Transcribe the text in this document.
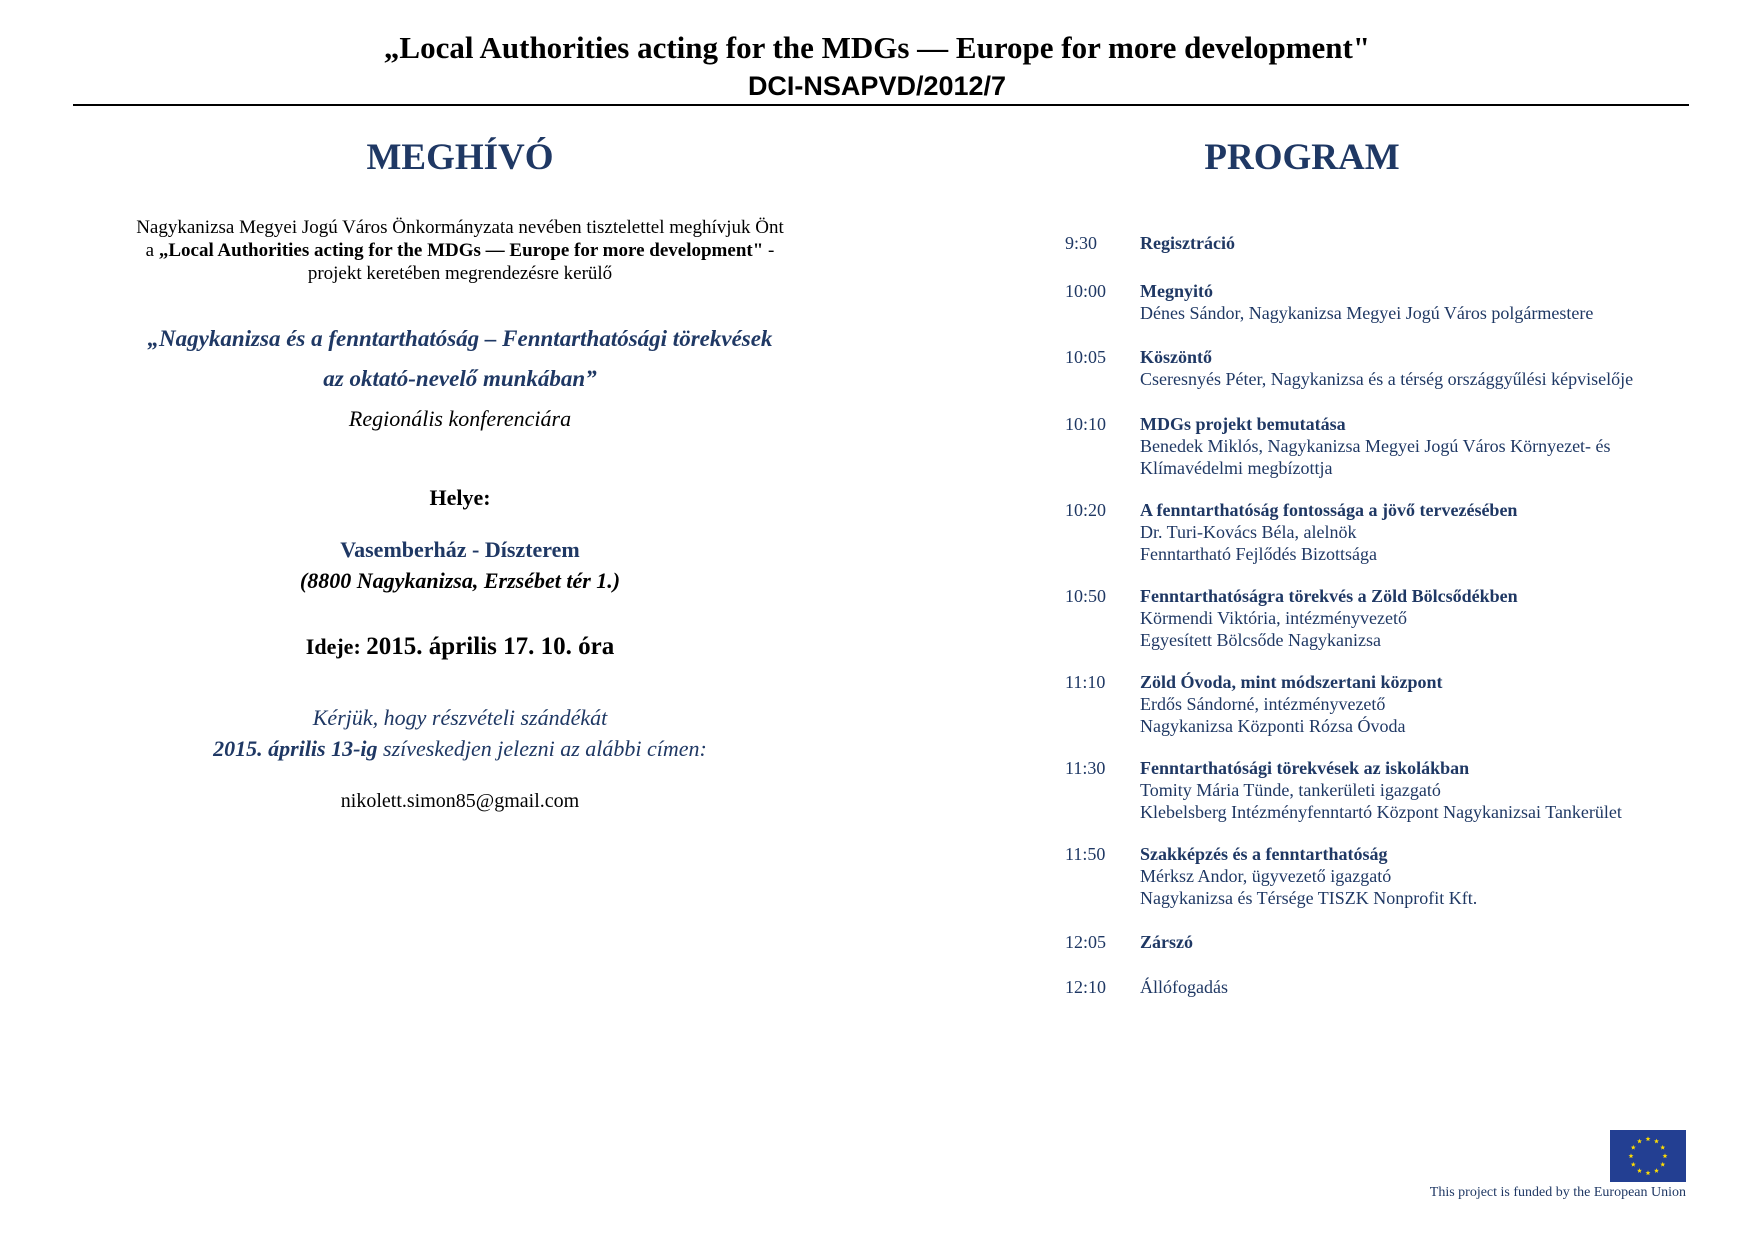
„Local Authorities acting for the MDGs — Europe for more development"
DCI-NSAPVD/2012/7
MEGHÍVÓ	PROGRAM
Nagykanizsa Megyei Jogú Város Önkormányzata nevében tisztelettel meghívjuk Önt
a „Local Authorities acting for the MDGs — Europe for more development" -
projekt keretében megrendezésre kerülő
„Nagykanizsa és a fenntarthatóság – Fenntarthatósági törekvések
az oktató-nevelő munkában”
Regionális konferenciára
Helye:
Vasemberház - Díszterem
(8800 Nagykanizsa, Erzsébet tér 1.)
Ideje: 2015. április 17. 10. óra
Kérjük, hogy részvételi szándékát
2015. április 13-ig szíveskedjen jelezni az alábbi címen:
nikolett.simon85@gmail.com
9:30	Regisztráció
10:00	Megnyitó
Dénes Sándor, Nagykanizsa Megyei Jogú Város polgármestere
10:05	Köszöntő
Cseresnyés Péter, Nagykanizsa és a térség országgyűlési képviselője
10:10	MDGs projekt bemutatása
Benedek Miklós, Nagykanizsa Megyei Jogú Város Környezet- és
Klímavédelmi megbízottja
10:20	A fenntarthatóság fontossága a jövő tervezésében
Dr. Turi-Kovács Béla, alelnök
Fenntartható Fejlődés Bizottsága
10:50	Fenntarthatóságra törekvés a Zöld Bölcsődékben
Körmendi Viktória, intézményvezető
Egyesített Bölcsőde Nagykanizsa
11:10	Zöld Óvoda, mint módszertani központ
Erdős Sándorné, intézményvezető
Nagykanizsa Központi Rózsa Óvoda
11:30	Fenntarthatósági törekvések az iskolákban
Tomity Mária Tünde, tankerületi igazgató
Klebelsberg Intézményfenntartó Központ Nagykanizsai Tankerület
11:50	Szakképzés és a fenntarthatóság
Mérksz Andor, ügyvezető igazgató
Nagykanizsa és Térsége TISZK Nonprofit Kft.
12:05	Zárszó
12:10	Állófogadás
This project is funded by the European Union
